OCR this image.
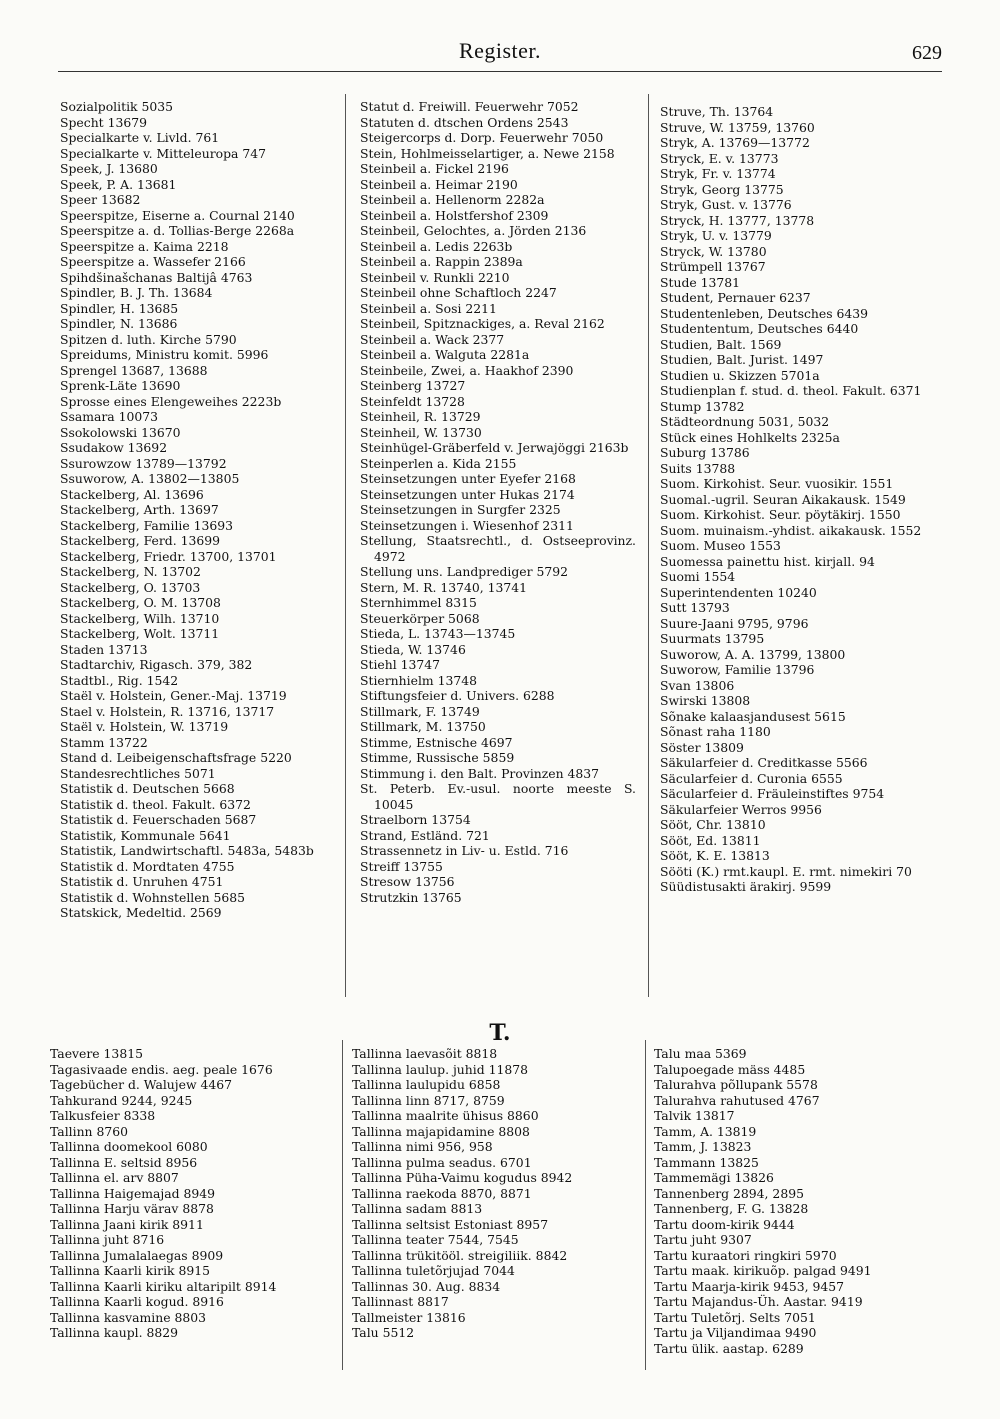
Register.	629
Sozialpolitik 5035
Specht 13679
Specialkarte v. Livld. 761
Specialkarte v. Mitteleuropa 747
Speek, J. 13680
Speek, P. A. 13681
Speer 13682
Speerspitze, Eiserne a. Cournal 2140
Speerspitze a. d. Tollias-Berge 2268a
Speerspitze a. Kaima 2218
Speerspitze a. Wassefer 2166
Spihdšinašchanas Baltijâ 4763
Spindler, B. J. Th. 13684
Spindler, H. 13685
Spindler, N. 13686
Spitzen d. luth. Kirche 5790
Spreidums, Ministru komit. 5996
Sprengel 13687, 13688
Sprenk-Läte 13690
Sprosse eines Elengeweihes 2223b
Ssamara 10073
Ssokolowski 13670
Ssudakow 13692
Ssurowzow 13789—13792
Ssuworow, A. 13802—13805
Stackelberg, Al. 13696
Stackelberg, Arth. 13697
Stackelberg, Familie 13693
Stackelberg, Ferd. 13699
Stackelberg, Friedr. 13700, 13701
Stackelberg, N. 13702
Stackelberg, O. 13703
Stackelberg, O. M. 13708
Stackelberg, Wilh. 13710
Stackelberg, Wolt. 13711
Staden 13713
Stadtarchiv, Rigasch. 379, 382
Stadtbl., Rig. 1542
Staël v. Holstein, Gener.-Maj. 13719
Stael v. Holstein, R. 13716, 13717
Staël v. Holstein, W. 13719
Stamm 13722
Stand d. Leibeigenschaftsfrage 5220
Standesrechtliches 5071
Statistik d. Deutschen 5668
Statistik d. theol. Fakult. 6372
Statistik d. Feuerschaden 5687
Statistik, Kommunale 5641
Statistik, Landwirtschaftl. 5483a, 5483b
Statistik d. Mordtaten 4755
Statistik d. Unruhen 4751
Statistik d. Wohnstellen 5685
Statskick, Medeltid. 2569
Statut d. Freiwill. Feuerwehr 7052
Statuten d. dtschen Ordens 2543
Steigercorps d. Dorp. Feuerwehr 7050
Stein, Hohlmeisselartiger, a. Newe 2158
Steinbeil a. Fickel 2196
Steinbeil a. Heimar 2190
Steinbeil a. Hellenorm 2282a
Steinbeil a. Holstfershof 2309
Steinbeil, Gelochtes, a. Jörden 2136
Steinbeil a. Ledis 2263b
Steinbeil a. Rappin 2389a
Steinbeil v. Runkli 2210
Steinbeil ohne Schaftloch 2247
Steinbeil a. Sosi 2211
Steinbeil, Spitznackiges, a. Reval 2162
Steinbeil a. Wack 2377
Steinbeil a. Walguta 2281a
Steinbeile, Zwei, a. Haakhof 2390
Steinberg 13727
Steinfeldt 13728
Steinheil, R. 13729
Steinheil, W. 13730
Steinhügel-Gräberfeld v. Jerwajöggi 2163b
Steinperlen a. Kida 2155
Steinsetzungen unter Eyefer 2168
Steinsetzungen unter Hukas 2174
Steinsetzungen in Surgfer 2325
Steinsetzungen i. Wiesenhof 2311
Stellung, Staatsrechtl., d. Ostseeprovinz. 4972
Stellung uns. Landprediger 5792
Stern, M. R. 13740, 13741
Sternhimmel 8315
Steuerkörper 5068
Stieda, L. 13743—13745
Stieda, W. 13746
Stiehl 13747
Stiernhielm 13748
Stiftungsfeier d. Univers. 6288
Stillmark, F. 13749
Stillmark, M. 13750
Stimme, Estnische 4697
Stimme, Russische 5859
Stimmung i. den Balt. Provinzen 4837
St. Peterb. Ev.-usul. noorte meeste S. 10045
Straelborn 13754
Strand, Estländ. 721
Strassennetz in Liv- u. Estld. 716
Streiff 13755
Stresow 13756
Strutzkin 13765
Struve, Th. 13764
Struve, W. 13759, 13760
Stryk, A. 13769—13772
Stryck, E. v. 13773
Stryk, Fr. v. 13774
Stryk, Georg 13775
Stryk, Gust. v. 13776
Stryck, H. 13777, 13778
Stryk, U. v. 13779
Stryck, W. 13780
Strümpell 13767
Stude 13781
Student, Pernauer 6237
Studentenleben, Deutsches 6439
Studententum, Deutsches 6440
Studien, Balt. 1569
Studien, Balt. Jurist. 1497
Studien u. Skizzen 5701a
Studienplan f. stud. d. theol. Fakult. 6371
Stump 13782
Städteordnung 5031, 5032
Stück eines Hohlkelts 2325a
Suburg 13786
Suits 13788
Suom. Kirkohist. Seur. vuosikir. 1551
Suomal.-ugril. Seuran Aikakausk. 1549
Suom. Kirkohist. Seur. pöytäkirj. 1550
Suom. muinaism.-yhdist. aikakausk. 1552
Suom. Museo 1553
Suomessa painettu hist. kirjall. 94
Suomi 1554
Superintendenten 10240
Sutt 13793
Suure-Jaani 9795, 9796
Suurmats 13795
Suworow, A. A. 13799, 13800
Suworow, Familie 13796
Svan 13806
Swirski 13808
Sõnake kalaasjandusest 5615
Sõnast raha 1180
Söster 13809
Säkularfeier d. Creditkasse 5566
Säcularfeier d. Curonia 6555
Säcularfeier d. Fräuleinstiftes 9754
Säkularfeier Werros 9956
Sööt, Chr. 13810
Sööt, Ed. 13811
Sööt, K. E. 13813
Sööti (K.) rmt.kaupl. E. rmt. nimekiri 70
Süüdistusakti ärakirj. 9599
T.
Taevere 13815
Tagasivaade endis. aeg. peale 1676
Tagebücher d. Walujew 4467
Tahkurand 9244, 9245
Talkusfeier 8338
Tallinn 8760
Tallinna doomekool 6080
Tallinna E. seltsid 8956
Tallinna el. arv 8807
Tallinna Haigemajad 8949
Tallinna Harju värav 8878
Tallinna Jaani kirik 8911
Tallinna juht 8716
Tallinna Jumalalaegas 8909
Tallinna Kaarli kirik 8915
Tallinna Kaarli kiriku altaripilt 8914
Tallinna Kaarli kogud. 8916
Tallinna kasvamine 8803
Tallinna kaupl. 8829
Tallinna laevasõit 8818
Tallinna laulup. juhid 11878
Tallinna laulupidu 6858
Tallinna linn 8717, 8759
Tallinna maalrite ühisus 8860
Tallinna majapidamine 8808
Tallinna nimi 956, 958
Tallinna pulma seadus. 6701
Tallinna Püha-Vaimu kogudus 8942
Tallinna raekoda 8870, 8871
Tallinna sadam 8813
Tallinna seltsist Estoniast 8957
Tallinna teater 7544, 7545
Tallinna trükitööl. streigiliik. 8842
Tallinna tuletõrjujad 7044
Tallinnas 30. Aug. 8834
Tallinnast 8817
Tallmeister 13816
Talu 5512
Talu maa 5369
Talupoegade mäss 4485
Talurahva põllupank 5578
Talurahva rahutused 4767
Talvik 13817
Tamm, A. 13819
Tamm, J. 13823
Tammann 13825
Tammemägi 13826
Tannenberg 2894, 2895
Tannenberg, F. G. 13828
Tartu doom-kirik 9444
Tartu juht 9307
Tartu kuraatori ringkiri 5970
Tartu maak. kirikuõp. palgad 9491
Tartu Maarja-kirik 9453, 9457
Tartu Majandus-Üh. Aastar. 9419
Tartu Tuletõrj. Selts 7051
Tartu ja Viljandimaa 9490
Tartu ülik. aastap. 6289
